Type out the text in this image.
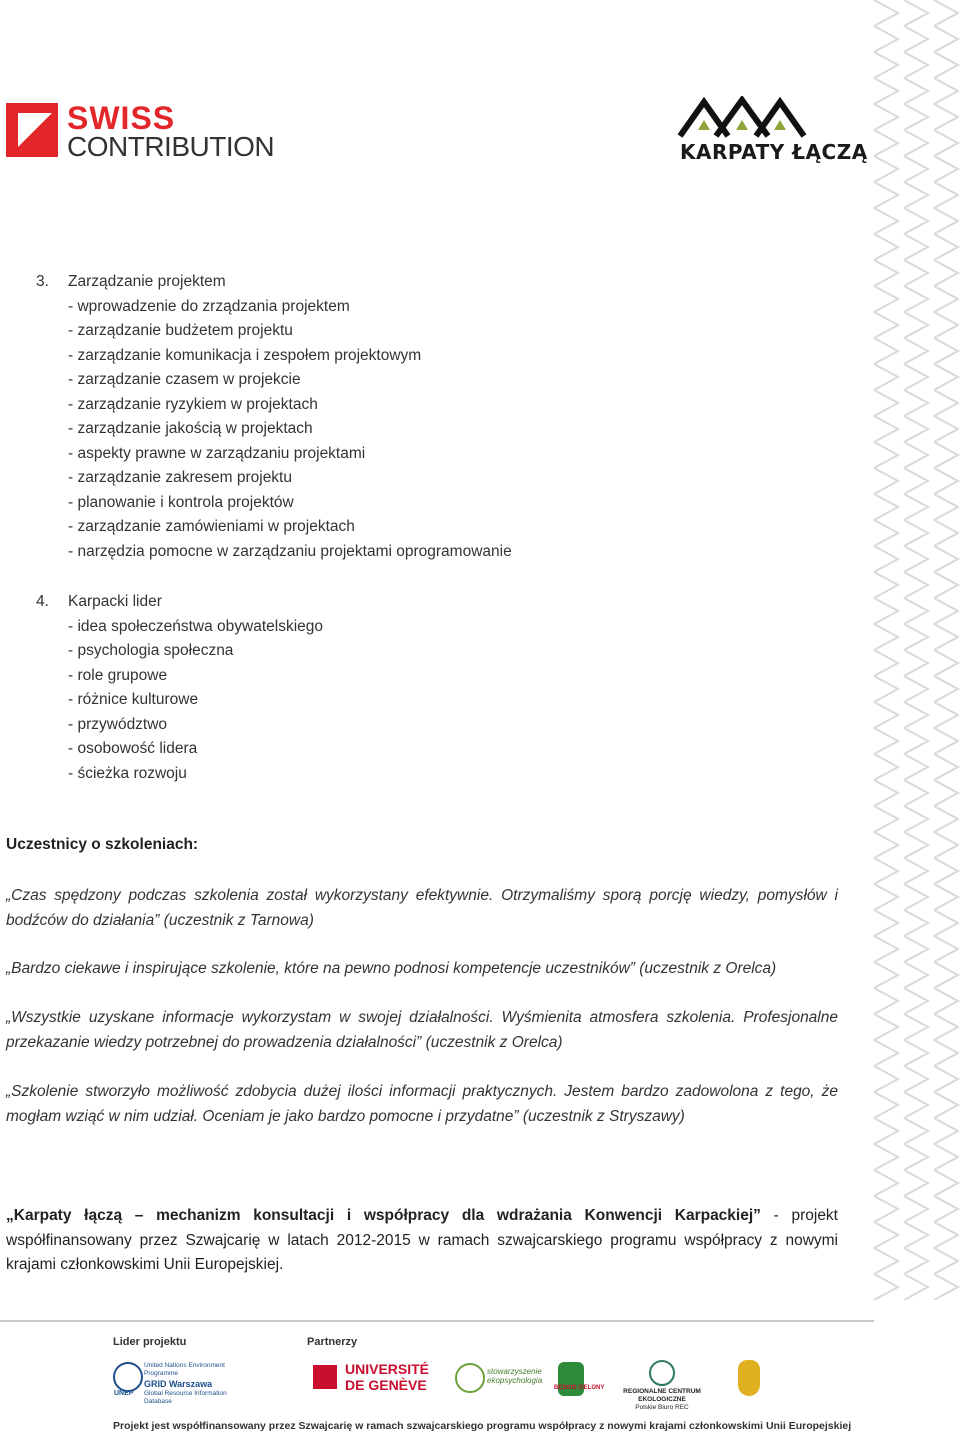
SWISS
CONTRIBUTION	KARPATY ŁĄCZĄ
3.	Zarządzanie projektem
- wprowadzenie do zrządzania projektem
- zarządzanie budżetem projektu
- zarządzanie komunikacja i zespołem projektowym
- zarządzanie czasem w projekcie
- zarządzanie ryzykiem w projektach
- zarządzanie jakością w projektach
- aspekty prawne w zarządzaniu projektami
- zarządzanie zakresem projektu
- planowanie i kontrola projektów
- zarządzanie zamówieniami w projektach
- narzędzia pomocne w zarządzaniu projektami oprogramowanie
4.	Karpacki lider
- idea społeczeństwa obywatelskiego
- psychologia społeczna
- role grupowe
- różnice kulturowe
- przywództwo
- osobowość lidera
- ścieżka rozwoju
Uczestnicy o szkoleniach:
„Czas spędzony podczas szkolenia został wykorzystany efektywnie. Otrzymaliśmy sporą porcję wiedzy, pomysłów i bodźców do działania” (uczestnik z Tarnowa)
„Bardzo ciekawe i inspirujące szkolenie, które na pewno podnosi kompetencje uczestników” (uczestnik z Orelca)
„Wszystkie uzyskane informacje wykorzystam w swojej działalności. Wyśmienita atmosfera szkolenia. Profesjonalne przekazanie wiedzy potrzebnej do prowadzenia działalności” (uczestnik z Orelca)
„Szkolenie stworzyło możliwość zdobycia dużej ilości informacji praktycznych. Jestem bardzo zadowolona z tego, że mogłam wziąć w nim udział. Oceniam je jako bardzo pomocne i przydatne” (uczestnik z Stryszawy)
„Karpaty łączą – mechanizm konsultacji i współpracy dla wdrażania Konwencji Karpackiej” - projekt współfinansowany przez Szwajcarię w latach 2012-2015 w ramach szwajcarskiego programu współpracy z nowymi krajami członkowskimi Unii Europejskiej.
Lider projektu	Partnerzy
UNEP
United Nations Environment Programme
GRID Warszawa
Global Resource Information Database
UNIVERSITÉ
DE GENÈVE
stowarzyszenie
ekopsychologia
BESKID ZIELONY	REGIONALNE CENTRUM EKOLOGICZNE
Polskie Biuro REC
Projekt jest współfinansowany przez Szwajcarię w ramach szwajcarskiego programu współpracy z nowymi krajami członkowskimi Unii Europejskiej
